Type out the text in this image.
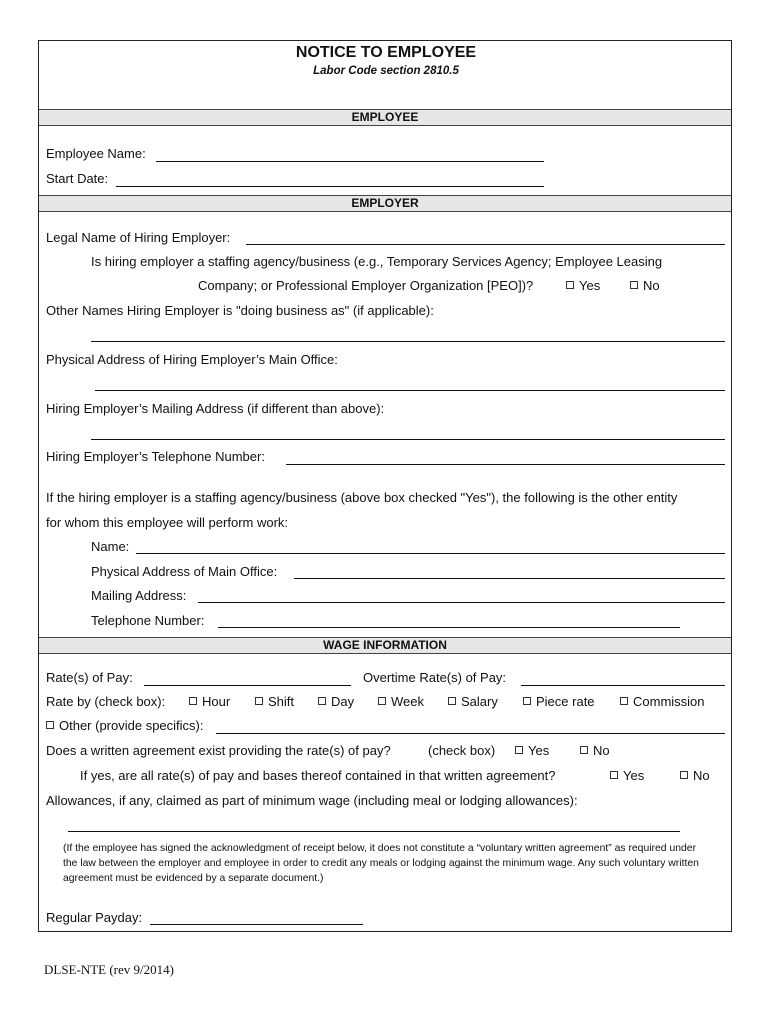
NOTICE TO EMPLOYEE
Labor Code section 2810.5
EMPLOYEE
Employee Name:
Start Date:
EMPLOYER
Legal Name of Hiring Employer:
Is hiring employer a staffing agency/business (e.g., Temporary Services Agency; Employee Leasing
Company; or Professional Employer Organization [PEO])?	Yes	No
Other Names Hiring Employer is "doing business as" (if applicable):
Physical Address of Hiring Employer’s Main Office:
Hiring Employer’s Mailing Address (if different than above):
Hiring Employer’s Telephone Number:
If the hiring employer is a staffing agency/business (above box checked "Yes"), the following is the other entity
for whom this employee will perform work:
Name:
Physical Address of Main Office:
Mailing Address:
Telephone Number:
WAGE INFORMATION
Rate(s) of Pay:	Overtime Rate(s) of Pay:
Rate by (check box):	Hour	Shift	Day	Week	Salary	Piece rate	Commission
Other (provide specifics):
Does a written agreement exist providing the rate(s) of pay?	(check box)	Yes	No
If yes, are all rate(s) of pay and bases thereof contained in that written agreement?	Yes	No
Allowances, if any, claimed as part of minimum wage (including meal or lodging allowances):
(If the employee has signed the acknowledgment of receipt below, it does not constitute a “voluntary written agreement” as required under the law between the employer and employee in order to credit any meals or lodging against the minimum wage. Any such voluntary written agreement must be evidenced by a separate document.)
Regular Payday:
DLSE-NTE (rev 9/2014)
